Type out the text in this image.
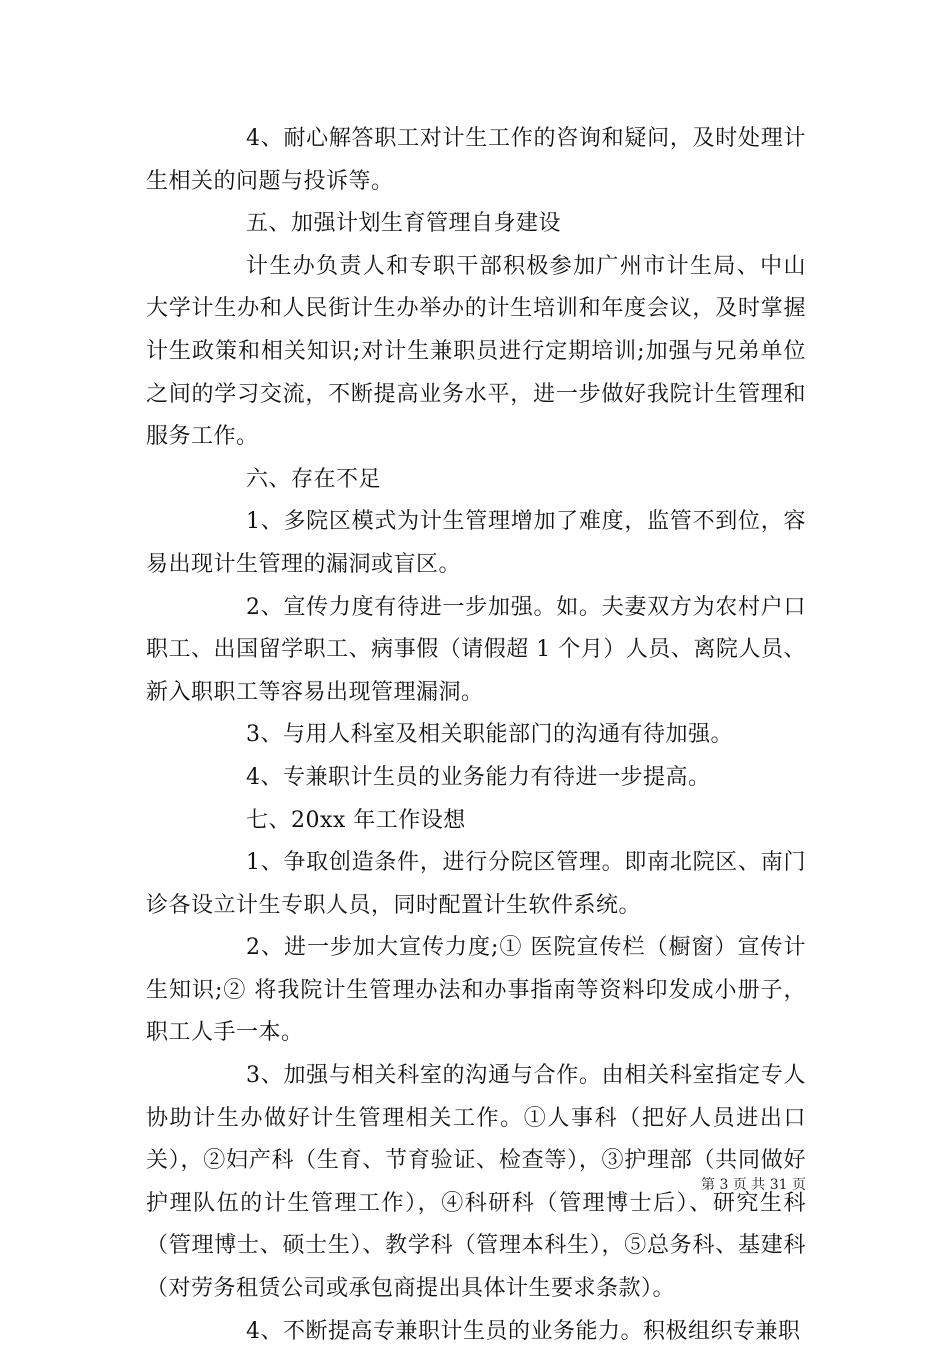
4、耐心解答职工对计生工作的咨询和疑问，及时处理计生相关的问题与投诉等。

五、加强计划生育管理自身建设

计生办负责人和专职干部积极参加广州市计生局、中山大学计生办和人民街计生办举办的计生培训和年度会议，及时掌握计生政策和相关知识;对计生兼职员进行定期培训;加强与兄弟单位之间的学习交流，不断提高业务水平，进一步做好我院计生管理和服务工作。

六、存在不足

1、多院区模式为计生管理增加了难度，监管不到位，容易出现计生管理的漏洞或盲区。

2、宣传力度有待进一步加强。如。夫妻双方为农村户口职工、出国留学职工、病事假（请假超 1 个月）人员、离院人员、新入职职工等容易出现管理漏洞。

3、与用人科室及相关职能部门的沟通有待加强。

4、专兼职计生员的业务能力有待进一步提高。

七、20xx 年工作设想

1、争取创造条件，进行分院区管理。即南北院区、南门诊各设立计生专职人员，同时配置计生软件系统。

2、进一步加大宣传力度;① 医院宣传栏（橱窗）宣传计生知识;② 将我院计生管理办法和办事指南等资料印发成小册子，职工人手一本。

3、加强与相关科室的沟通与合作。由相关科室指定专人协助计生办做好计生管理相关工作。①人事科（把好人员进出口关），②妇产科（生育、节育验证、检查等），③护理部（共同做好护理队伍的计生管理工作），④科研科（管理博士后）、研究生科（管理博士、硕士生）、教学科（管理本科生），⑤总务科、基建科（对劳务租赁公司或承包商提出具体计生要求条款）。

4、不断提高专兼职计生员的业务能力。积极组织专兼职

第 3 页 共 31 页
